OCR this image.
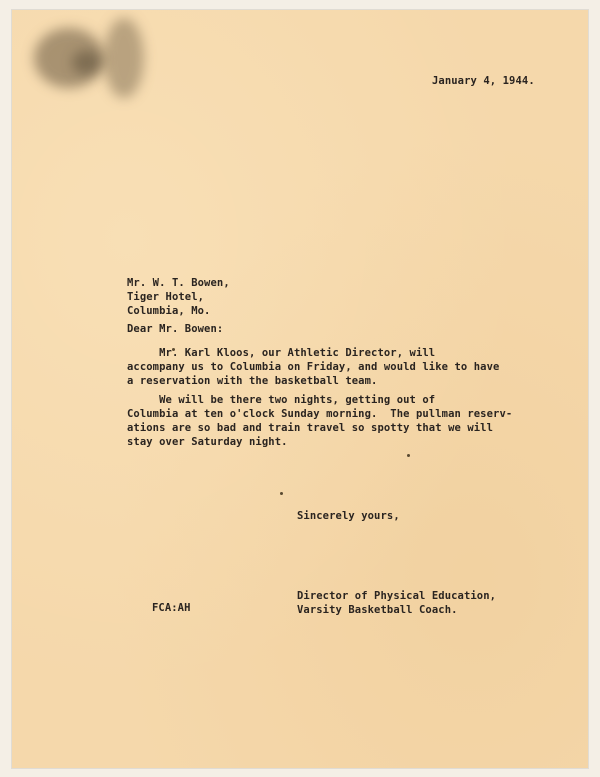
January 4, 1944.
Mr. W. T. Bowen,
Tiger Hotel,
Columbia, Mo.
Dear Mr. Bowen:
Mr. Karl Kloos, our Athletic Director, will
accompany us to Columbia on Friday, and would like to have
a reservation with the basketball team.
We will be there two nights, getting out of
Columbia at ten o'clock Sunday morning.  The pullman reserv-
ations are so bad and train travel so spotty that we will
stay over Saturday night.
Sincerely yours,
Director of Physical Education,
Varsity Basketball Coach.
FCA:AH
